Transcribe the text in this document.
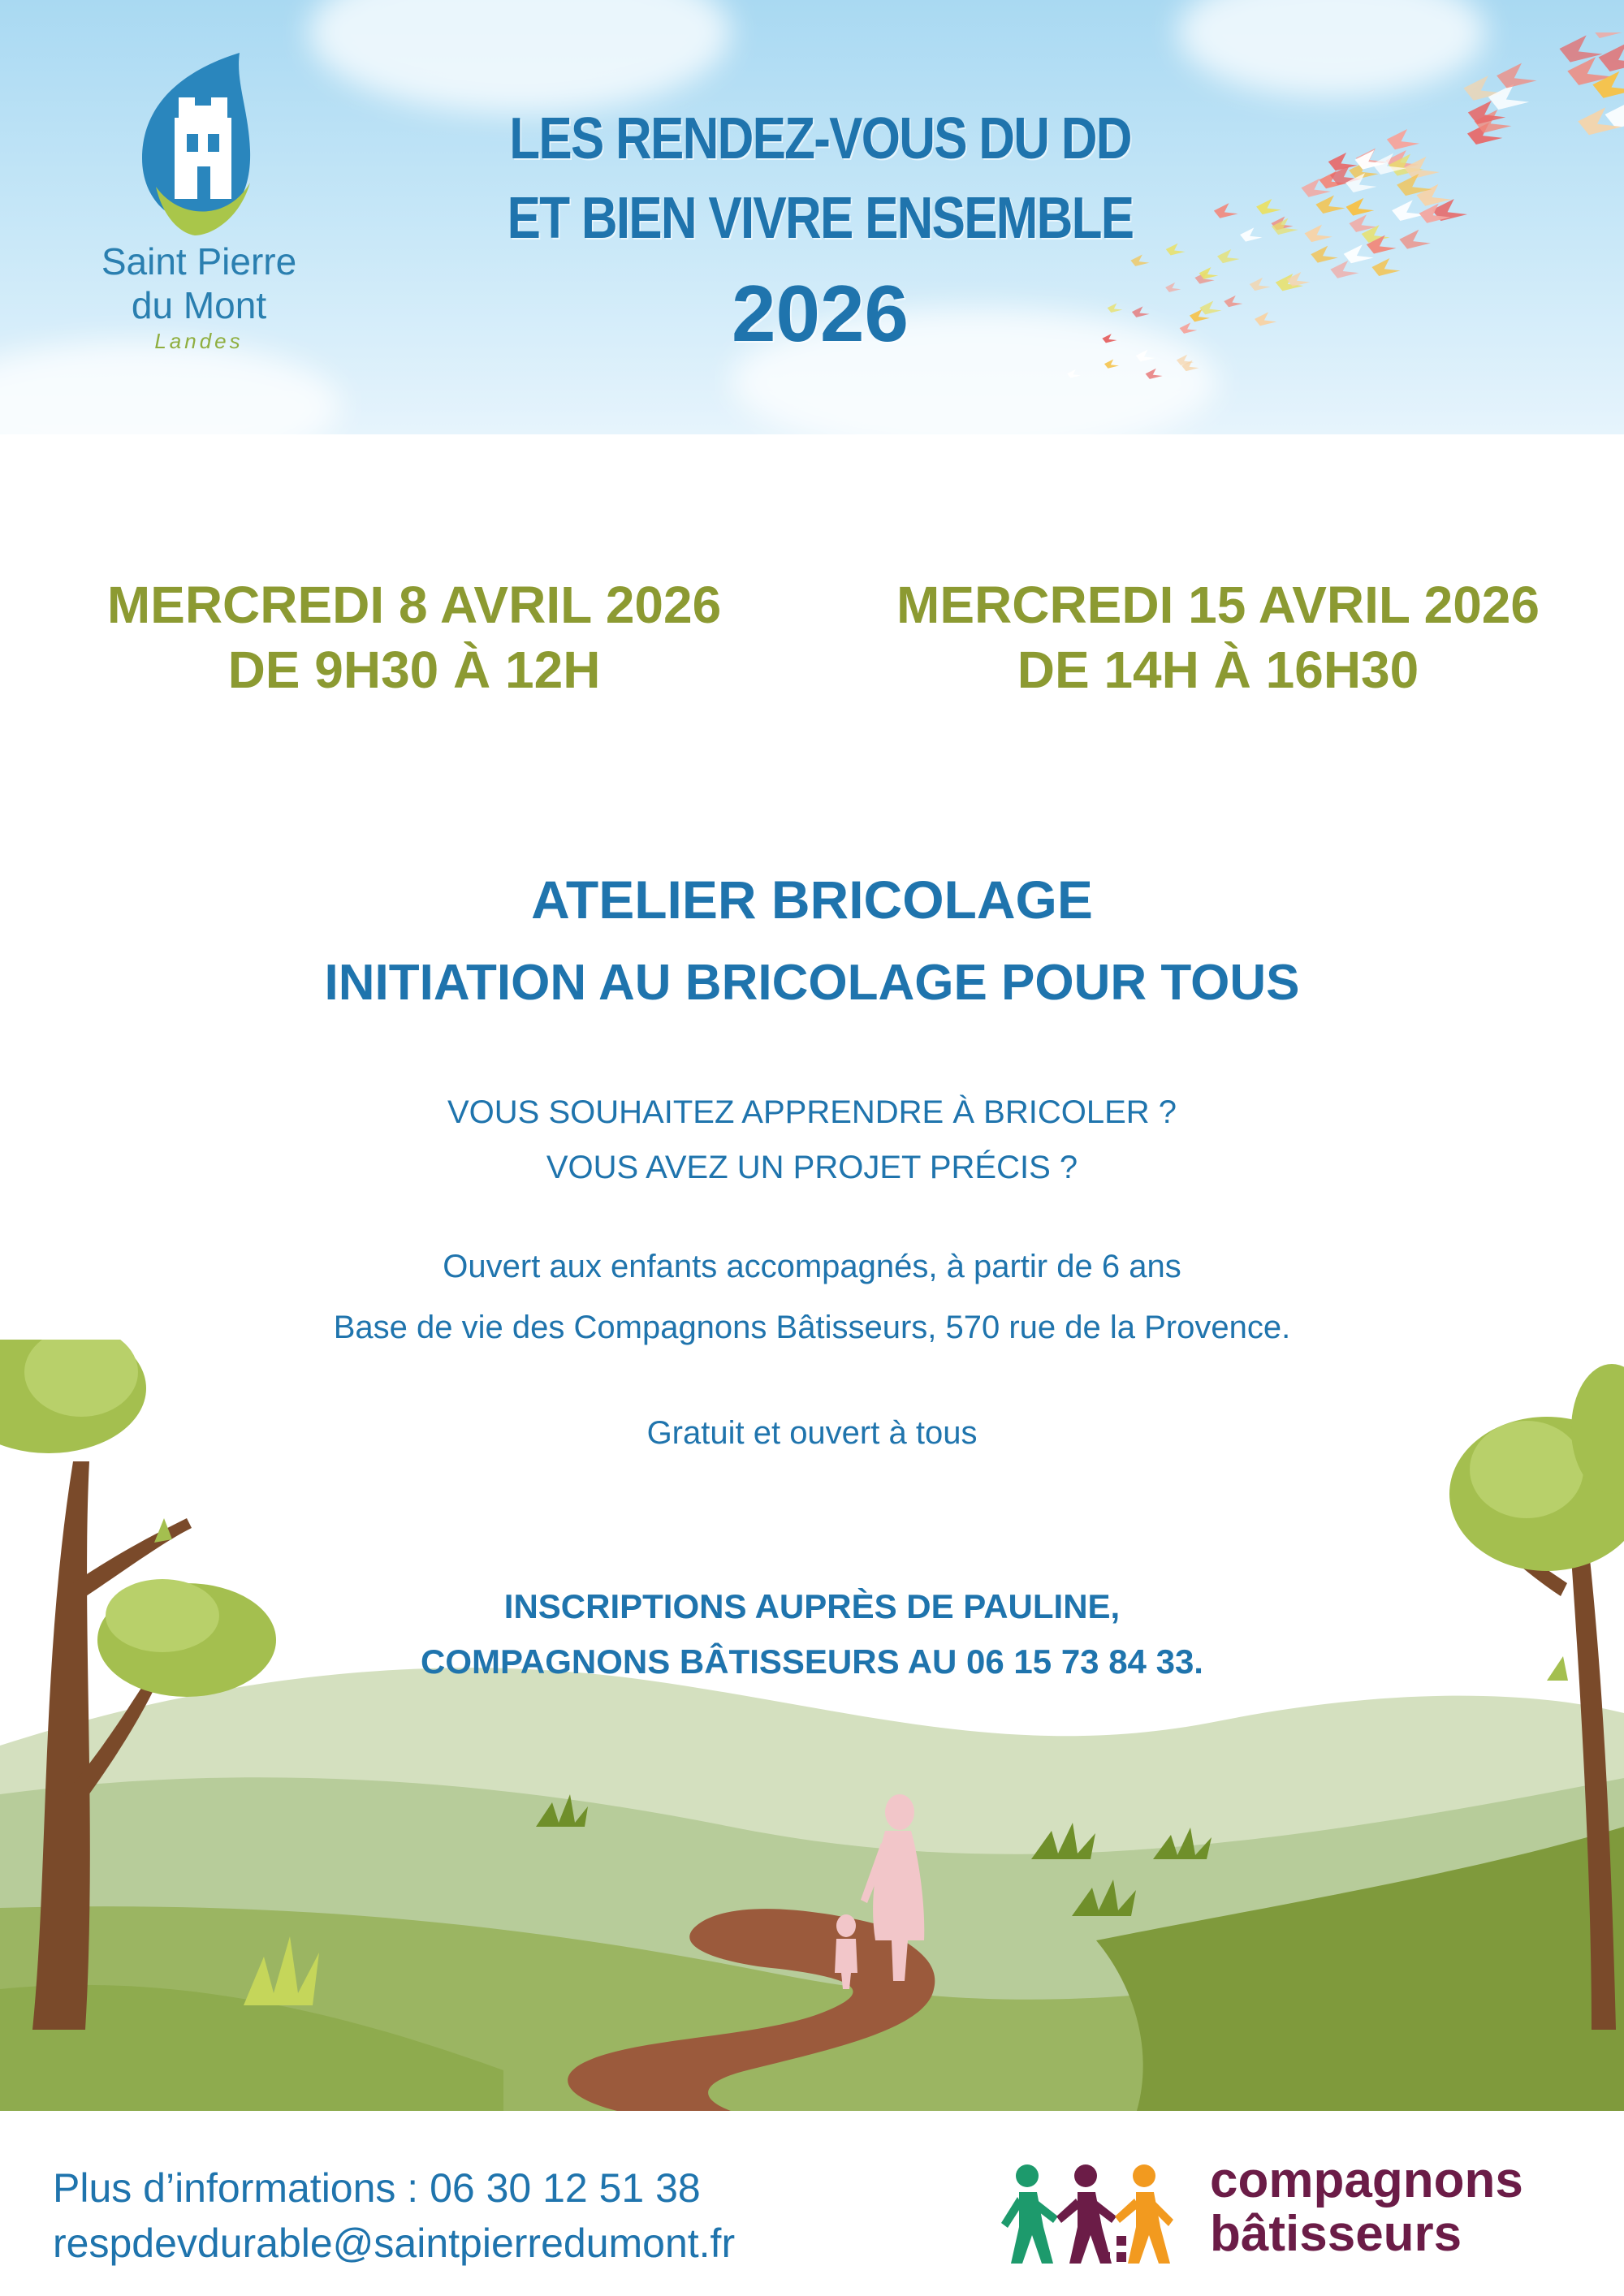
Saint Pierre
du Mont
Landes
LES RENDEZ-VOUS DU DD
ET BIEN VIVRE ENSEMBLE
2026
MERCREDI 8 AVRIL 2026
DE 9H30 À 12H
MERCREDI 15 AVRIL 2026
DE 14H À 16H30
ATELIER BRICOLAGE
INITIATION AU BRICOLAGE POUR TOUS
VOUS SOUHAITEZ APPRENDRE À BRICOLER ?
VOUS AVEZ UN PROJET PRÉCIS ?
Ouvert aux enfants accompagnés, à partir de 6 ans
Base de vie des Compagnons Bâtisseurs, 570 rue de la Provence.
Gratuit et ouvert à tous
INSCRIPTIONS AUPRÈS DE PAULINE,
COMPAGNONS BÂTISSEURS AU 06 15 73 84 33.
Plus d’informations : 06 30 12 51 38
respdevdurable@saintpierredumont.fr
compagnons
bâtisseurs
